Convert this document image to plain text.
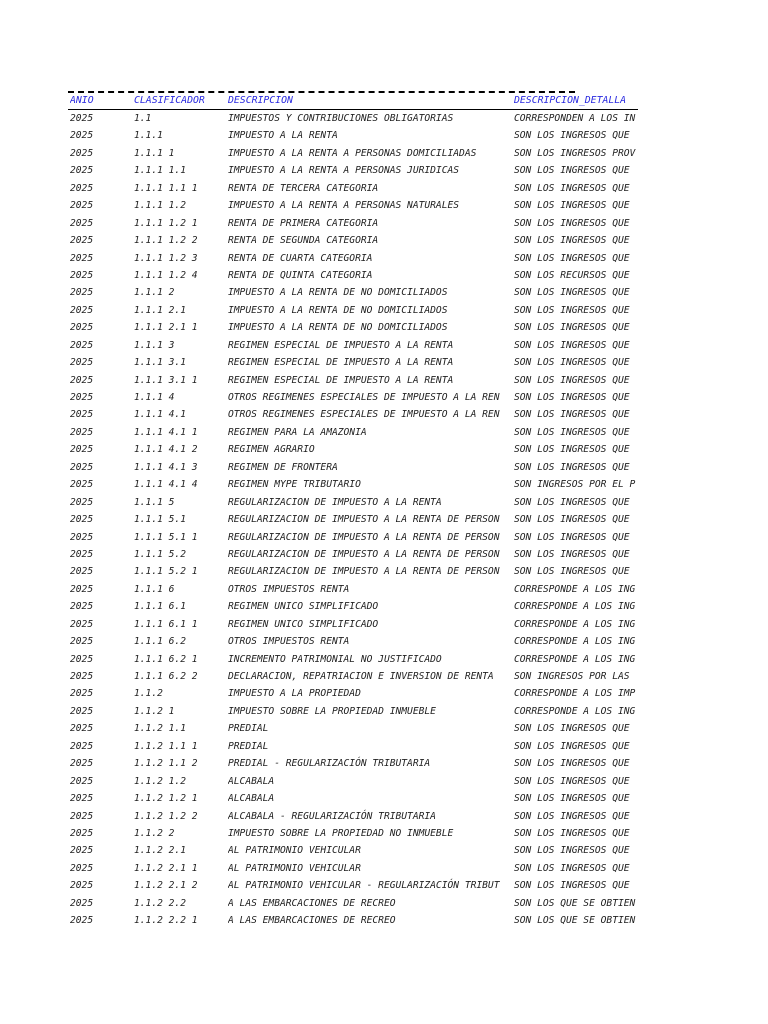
ANIO	CLASIFICADOR	DESCRIPCION	DESCRIPCION_DETALLA
2025	1.1	IMPUESTOS Y CONTRIBUCIONES OBLIGATORIAS	CORRESPONDEN A LOS IN
2025	1.1.1	IMPUESTO A LA RENTA	SON LOS INGRESOS QUE
2025	1.1.1 1	IMPUESTO A LA RENTA A PERSONAS DOMICILIADAS	SON LOS INGRESOS PROV
2025	1.1.1 1.1	IMPUESTO A LA RENTA A PERSONAS JURIDICAS	SON LOS INGRESOS QUE
2025	1.1.1 1.1 1	RENTA DE TERCERA CATEGORIA	SON LOS INGRESOS QUE
2025	1.1.1 1.2	IMPUESTO A LA RENTA A PERSONAS NATURALES	SON LOS INGRESOS QUE
2025	1.1.1 1.2 1	RENTA DE PRIMERA CATEGORIA	SON LOS INGRESOS QUE
2025	1.1.1 1.2 2	RENTA DE SEGUNDA CATEGORIA	SON LOS INGRESOS QUE
2025	1.1.1 1.2 3	RENTA DE CUARTA CATEGORIA	SON LOS INGRESOS QUE
2025	1.1.1 1.2 4	RENTA DE QUINTA CATEGORIA	SON LOS RECURSOS QUE
2025	1.1.1 2	IMPUESTO A LA RENTA DE NO DOMICILIADOS	SON LOS INGRESOS QUE
2025	1.1.1 2.1	IMPUESTO A LA RENTA DE NO DOMICILIADOS	SON LOS INGRESOS QUE
2025	1.1.1 2.1 1	IMPUESTO A LA RENTA DE NO DOMICILIADOS	SON LOS INGRESOS QUE
2025	1.1.1 3	REGIMEN ESPECIAL DE IMPUESTO A LA RENTA	SON LOS INGRESOS QUE
2025	1.1.1 3.1	REGIMEN ESPECIAL DE IMPUESTO A LA RENTA	SON LOS INGRESOS QUE
2025	1.1.1 3.1 1	REGIMEN ESPECIAL DE IMPUESTO A LA RENTA	SON LOS INGRESOS QUE
2025	1.1.1 4	OTROS REGIMENES ESPECIALES DE IMPUESTO A LA REN	SON LOS INGRESOS QUE
2025	1.1.1 4.1	OTROS REGIMENES ESPECIALES DE IMPUESTO A LA REN	SON LOS INGRESOS QUE
2025	1.1.1 4.1 1	REGIMEN PARA LA AMAZONIA	SON LOS INGRESOS QUE
2025	1.1.1 4.1 2	REGIMEN AGRARIO	SON LOS INGRESOS QUE
2025	1.1.1 4.1 3	REGIMEN DE FRONTERA	SON LOS INGRESOS QUE
2025	1.1.1 4.1 4	REGIMEN MYPE TRIBUTARIO	SON INGRESOS POR EL P
2025	1.1.1 5	REGULARIZACION DE IMPUESTO A LA RENTA	SON LOS INGRESOS QUE
2025	1.1.1 5.1	REGULARIZACION DE IMPUESTO A LA RENTA DE PERSON	SON LOS INGRESOS QUE
2025	1.1.1 5.1 1	REGULARIZACION DE IMPUESTO A LA RENTA DE PERSON	SON LOS INGRESOS QUE
2025	1.1.1 5.2	REGULARIZACION DE IMPUESTO A LA RENTA DE PERSON	SON LOS INGRESOS QUE
2025	1.1.1 5.2 1	REGULARIZACION DE IMPUESTO A LA RENTA DE PERSON	SON LOS INGRESOS QUE
2025	1.1.1 6	OTROS IMPUESTOS RENTA	CORRESPONDE A LOS ING
2025	1.1.1 6.1	REGIMEN UNICO SIMPLIFICADO	CORRESPONDE A LOS ING
2025	1.1.1 6.1 1	REGIMEN UNICO SIMPLIFICADO	CORRESPONDE A LOS ING
2025	1.1.1 6.2	OTROS IMPUESTOS RENTA	CORRESPONDE A LOS ING
2025	1.1.1 6.2 1	INCREMENTO PATRIMONIAL NO JUSTIFICADO	CORRESPONDE A LOS ING
2025	1.1.1 6.2 2	DECLARACION, REPATRIACION E INVERSION DE RENTA	SON INGRESOS POR LAS
2025	1.1.2	IMPUESTO A LA PROPIEDAD	CORRESPONDE A LOS IMP
2025	1.1.2 1	IMPUESTO SOBRE LA PROPIEDAD INMUEBLE	CORRESPONDE A LOS ING
2025	1.1.2 1.1	PREDIAL	SON LOS INGRESOS QUE
2025	1.1.2 1.1 1	PREDIAL	SON LOS INGRESOS QUE
2025	1.1.2 1.1 2	PREDIAL - REGULARIZACIÓN TRIBUTARIA	SON LOS INGRESOS QUE
2025	1.1.2 1.2	ALCABALA	SON LOS INGRESOS QUE
2025	1.1.2 1.2 1	ALCABALA	SON LOS INGRESOS QUE
2025	1.1.2 1.2 2	ALCABALA - REGULARIZACIÓN TRIBUTARIA	SON LOS INGRESOS QUE
2025	1.1.2 2	IMPUESTO SOBRE LA PROPIEDAD NO INMUEBLE	SON LOS INGRESOS QUE
2025	1.1.2 2.1	AL PATRIMONIO VEHICULAR	SON LOS INGRESOS QUE
2025	1.1.2 2.1 1	AL PATRIMONIO VEHICULAR	SON LOS INGRESOS QUE
2025	1.1.2 2.1 2	AL PATRIMONIO VEHICULAR - REGULARIZACIÓN TRIBUT	SON LOS INGRESOS QUE
2025	1.1.2 2.2	A LAS EMBARCACIONES DE RECREO	SON LOS QUE SE OBTIEN
2025	1.1.2 2.2 1	A LAS EMBARCACIONES DE RECREO	SON LOS QUE SE OBTIEN
